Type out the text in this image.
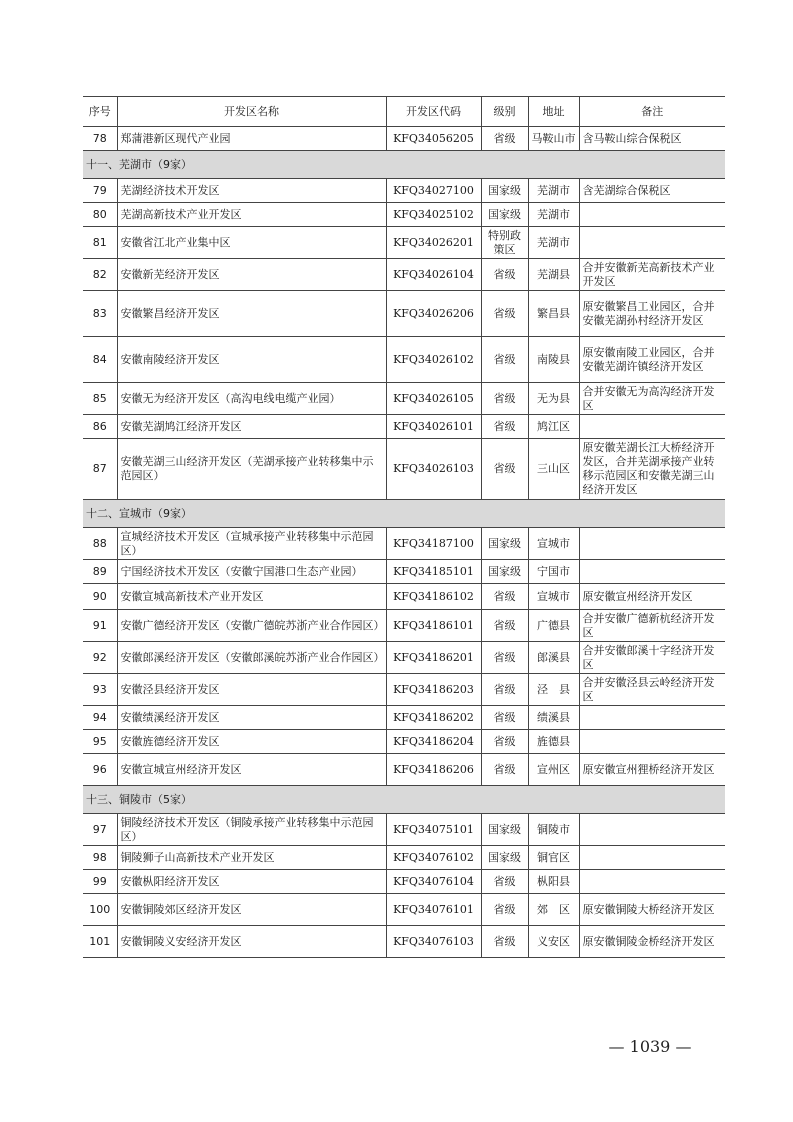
序号	开发区名称	开发区代码	级别	地址	备注
78	郑蒲港新区现代产业园	KFQ34056205	省级	马鞍山市	含马鞍山综合保税区
十一、芜湖市（9家）					
79	芜湖经济技术开发区	KFQ34027100	国家级	芜湖市	含芜湖综合保税区
80	芜湖高新技术产业开发区	KFQ34025102	国家级	芜湖市	
81	安徽省江北产业集中区	KFQ34026201	特别政策区	芜湖市	
82	安徽新芜经济开发区	KFQ34026104	省级	芜湖县	合并安徽新芜高新技术产业开发区
83	安徽繁昌经济开发区	KFQ34026206	省级	繁昌县	原安徽繁昌工业园区，合并安徽芜湖孙村经济开发区
84	安徽南陵经济开发区	KFQ34026102	省级	南陵县	原安徽南陵工业园区，合并安徽芜湖许镇经济开发区
85	安徽无为经济开发区（高沟电线电缆产业园）	KFQ34026105	省级	无为县	合并安徽无为高沟经济开发区
86	安徽芜湖鸠江经济开发区	KFQ34026101	省级	鸠江区	
87	安徽芜湖三山经济开发区（芜湖承接产业转移集中示范园区）	KFQ34026103	省级	三山区	原安徽芜湖长江大桥经济开发区，合并芜湖承接产业转移示范园区和安徽芜湖三山经济开发区
十二、宣城市（9家）					
88	宣城经济技术开发区（宣城承接产业转移集中示范园区）	KFQ34187100	国家级	宣城市	
89	宁国经济技术开发区（安徽宁国港口生态产业园）	KFQ34185101	国家级	宁国市	
90	安徽宣城高新技术产业开发区	KFQ34186102	省级	宣城市	原安徽宣州经济开发区
91	安徽广德经济开发区（安徽广德皖苏浙产业合作园区）	KFQ34186101	省级	广德县	合并安徽广德新杭经济开发区
92	安徽郎溪经济开发区（安徽郎溪皖苏浙产业合作园区）	KFQ34186201	省级	郎溪县	合并安徽郎溪十字经济开发区
93	安徽泾县经济开发区	KFQ34186203	省级	泾　县	合并安徽泾县云岭经济开发区
94	安徽绩溪经济开发区	KFQ34186202	省级	绩溪县	
95	安徽旌德经济开发区	KFQ34186204	省级	旌德县	
96	安徽宣城宣州经济开发区	KFQ34186206	省级	宣州区	原安徽宣州狸桥经济开发区
十三、铜陵市（5家）					
97	铜陵经济技术开发区（铜陵承接产业转移集中示范园区）	KFQ34075101	国家级	铜陵市	
98	铜陵狮子山高新技术产业开发区	KFQ34076102	国家级	铜官区	
99	安徽枞阳经济开发区	KFQ34076104	省级	枞阳县	
100	安徽铜陵郊区经济开发区	KFQ34076101	省级	郊　区	原安徽铜陵大桥经济开发区
101	安徽铜陵义安经济开发区	KFQ34076103	省级	义安区	原安徽铜陵金桥经济开发区
— 1039 —
